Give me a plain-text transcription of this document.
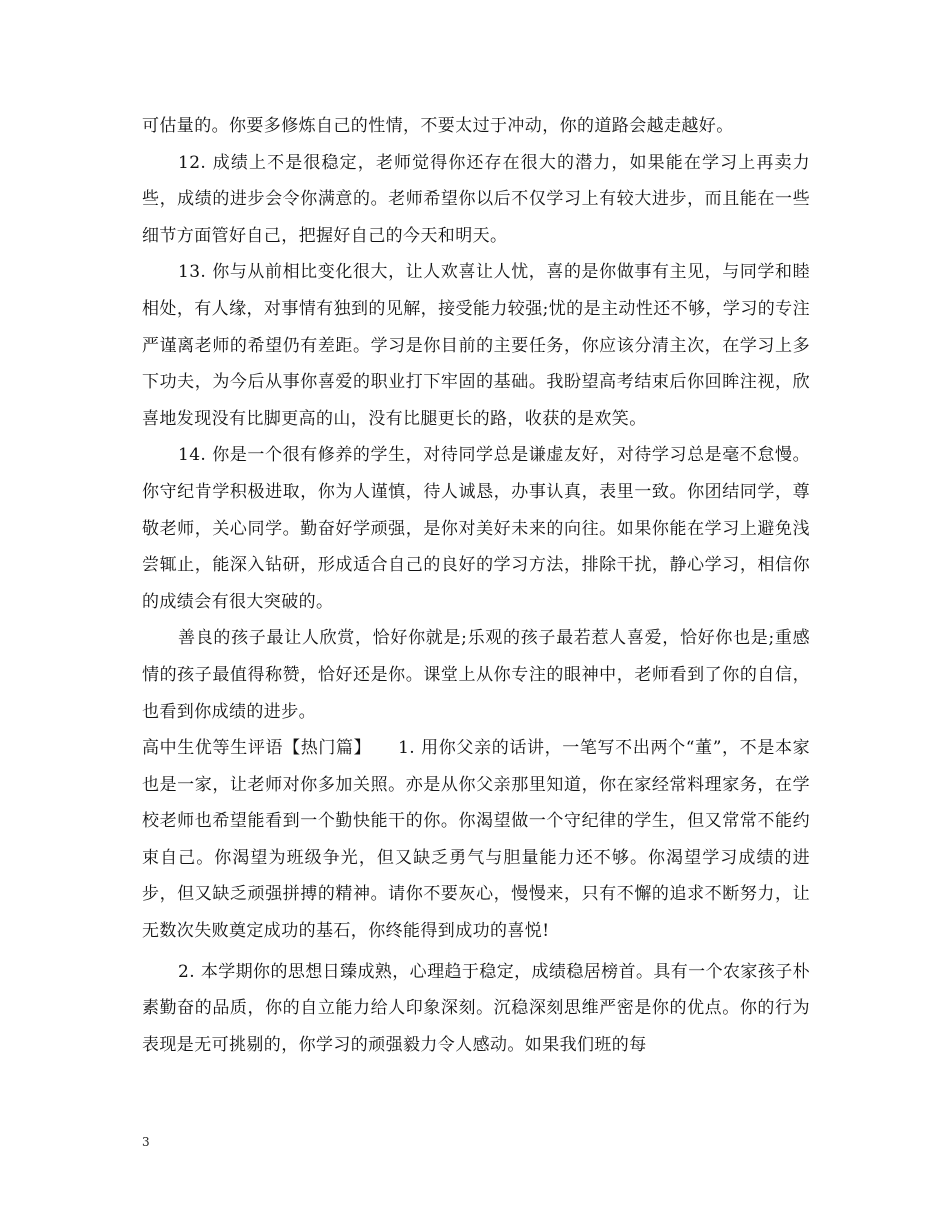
可估量的。你要多修炼自己的性情，不要太过于冲动，你的道路会越走越好。

12. 成绩上不是很稳定，老师觉得你还存在很大的潜力，如果能在学习上再卖力些，成绩的进步会令你满意的。老师希望你以后不仅学习上有较大进步，而且能在一些细节方面管好自己，把握好自己的今天和明天。

13. 你与从前相比变化很大，让人欢喜让人忧，喜的是你做事有主见，与同学和睦相处，有人缘，对事情有独到的见解，接受能力较强;忧的是主动性还不够，学习的专注严谨离老师的希望仍有差距。学习是你目前的主要任务，你应该分清主次，在学习上多下功夫，为今后从事你喜爱的职业打下牢固的基础。我盼望高考结束后你回眸注视，欣喜地发现没有比脚更高的山，没有比腿更长的路，收获的是欢笑。

14. 你是一个很有修养的学生，对待同学总是谦虚友好，对待学习总是毫不怠慢。你守纪肯学积极进取，你为人谨慎，待人诚恳，办事认真，表里一致。你团结同学，尊敬老师，关心同学。勤奋好学顽强，是你对美好未来的向往。如果你能在学习上避免浅尝辄止，能深入钻研，形成适合自己的良好的学习方法，排除干扰，静心学习，相信你的成绩会有很大突破的。

善良的孩子最让人欣赏，恰好你就是;乐观的孩子最若惹人喜爱，恰好你也是;重感情的孩子最值得称赞，恰好还是你。课堂上从你专注的眼神中，老师看到了你的自信，也看到你成绩的进步。

高中生优等生评语【热门篇】　　1. 用你父亲的话讲，一笔写不出两个“董”，不是本家也是一家，让老师对你多加关照。亦是从你父亲那里知道，你在家经常料理家务，在学校老师也希望能看到一个勤快能干的你。你渴望做一个守纪律的学生，但又常常不能约束自己。你渴望为班级争光，但又缺乏勇气与胆量能力还不够。你渴望学习成绩的进步，但又缺乏顽强拼搏的精神。请你不要灰心，慢慢来，只有不懈的追求不断努力，让无数次失败奠定成功的基石，你终能得到成功的喜悦!

2. 本学期你的思想日臻成熟，心理趋于稳定，成绩稳居榜首。具有一个农家孩子朴素勤奋的品质，你的自立能力给人印象深刻。沉稳深刻思维严密是你的优点。你的行为表现是无可挑剔的，你学习的顽强毅力令人感动。如果我们班的每

3
